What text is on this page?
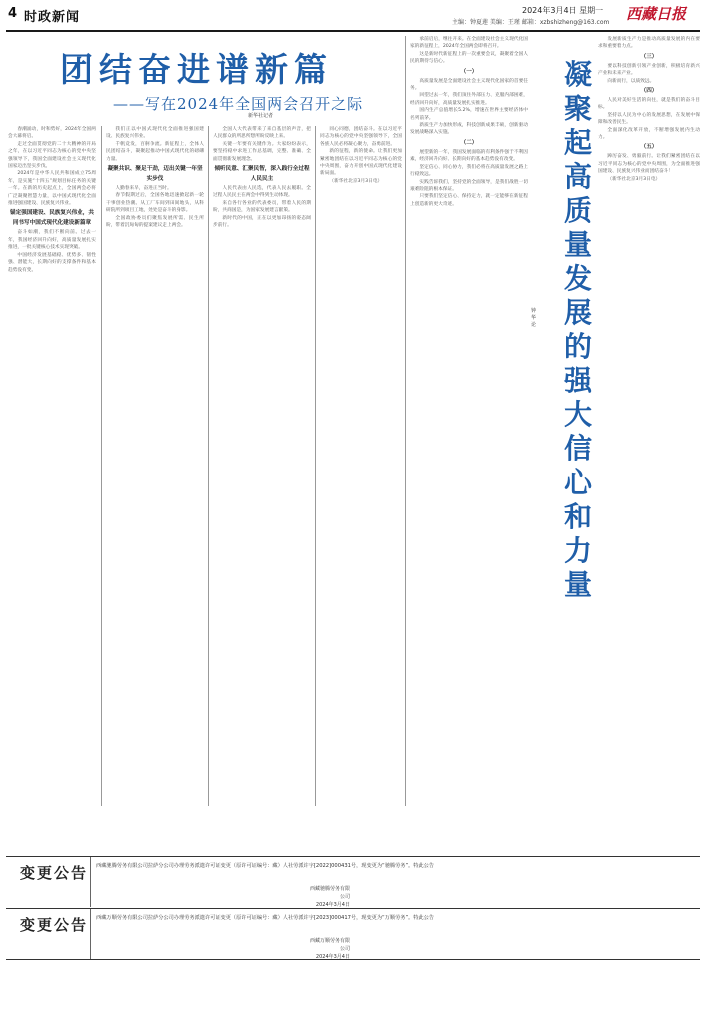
4 时政新闻	2024年3月4日 星期一
主编：钟夏莲 美编：王瑾 邮箱：xzbshizheng@163.com 西藏日报
团结奋进谱新篇
——写在2024年全国两会召开之际
新华社记者

春潮涌动，时和势好，2024年全国两会大幕将启。

走过全面贯彻党的二十大精神的开局之年，在以习近平同志为核心的党中央坚强领导下，我国全面建设社会主义现代化国家迈出坚实步伐。

2024年是中华人民共和国成立75周年，是实施“十四五”规划目标任务的关键一年。在新的历史起点上，全国两会必将广泛凝聚智慧力量，以中国式现代化全面推进强国建设、民族复兴伟业。

锚定强国建设、民族复兴伟业，共同书写中国式现代化建设新篇章

奋斗如潮，我们不断向前。过去一年，我国经济回升向好，高质量发展扎实推进，一批关键核心技术实现突破。

中国经济发展基础稳、优势多、韧性强、潜能大，长期向好的支撑条件和基本趋势没有变。

我们正以中国式现代化全面推进强国建设、民族复兴伟业。

千帆竞发，百舸争流。新征程上，全体人民团结奋斗，凝聚起推动中国式现代化的磅礴力量。

凝聚共识、聚足干劲，迈出关键一年坚实步伐

人勤春来早，奋进正当时。

春节假期过后，全国各地迅速掀起新一轮干事创业热潮。从工厂车间到田间地头，从科研院所到项目工地，处处是奋斗的身影。

全国政协委员们聚焦发展所需、民生所盼，带着沉甸甸的提案建议走上两会。

全国人大代表带来了来自基层的声音，把人民群众的所思所想所盼反映上来。

关键一年要有关键作为。大家纷纷表示，要坚持稳中求进工作总基调，完整、准确、全面贯彻新发展理念。

倾听民意、汇聚民智，深入践行全过程人民民主

人民代表由人民选，代表人民去履职。全过程人民民主在两会中得到生动体现。

来自各行各业的代表委员，带着人民的期盼，共商国是，为国家发展建言献策。

新时代的中国，正在以更加昂扬的姿态阔步前行。

同心同德，团结奋斗。在以习近平同志为核心的党中央坚强领导下，全国各族人民必将凝心聚力，奋勇前进。

新的征程，新的使命。让我们更加紧密地团结在以习近平同志为核心的党中央周围，奋力开创中国式现代化建设新局面。

（新华社北京3月3日电）

承前启后，继往开来。在全面建设社会主义现代化国家的新征程上，2024年全国两会即将召开。

这是新时代新征程上的一次重要会议，凝聚着全国人民的期待与信心。

（一）

高质量发展是全面建设社会主义现代化国家的首要任务。

回望过去一年，我们顶住外部压力、克服内部困难，经济回升向好，高质量发展扎实推进。

国内生产总值增长5.2%，增速在世界主要经济体中名列前茅。

新质生产力加快形成，科技创新成果丰硕，创新驱动发展战略深入实施。

（二）

展望新的一年，我国发展面临的有利条件强于不利因素，经济回升向好、长期向好的基本趋势没有改变。

坚定信心、同心协力，我们必将在高质量发展之路上行稳致远。

实践告诉我们，坚持党的全面领导，是我们战胜一切艰难险阻的根本保证。

只要我们坚定信心、保持定力，就一定能够在新征程上创造新的更大奇迹。

钟华论
凝聚起高质量发展的强大信心和力量

发展新质生产力是推动高质量发展的内在要求和重要着力点。

（三）

要以科技创新引领产业创新，积极培育新兴产业和未来产业。

向新而行，以质致远。

（四）

人民对美好生活的向往，就是我们的奋斗目标。

坚持以人民为中心的发展思想，在发展中保障和改善民生。

全面深化改革开放，不断增强发展内生动力。

（五）

踔厉奋发、勇毅前行。让我们紧密团结在以习近平同志为核心的党中央周围，为全面推进强国建设、民族复兴伟业而团结奋斗！

（新华社北京3月3日电）

变更公告 西藏驰腾劳务有限公司拉萨分公司办理劳务派遣许可证变更（原许可证编号：藏）人社劳派许字[2022]000431号，现变更为“驰腾劳务”。特此公告
西藏驰腾劳务有限公司
2024年3月4日
变更公告 西藏万顺劳务有限公司拉萨分公司办理劳务派遣许可证变更（原许可证编号：藏）人社劳派许字[2023]000417号，现变更为“万顺劳务”。特此公告
西藏万顺劳务有限公司
2024年3月4日
